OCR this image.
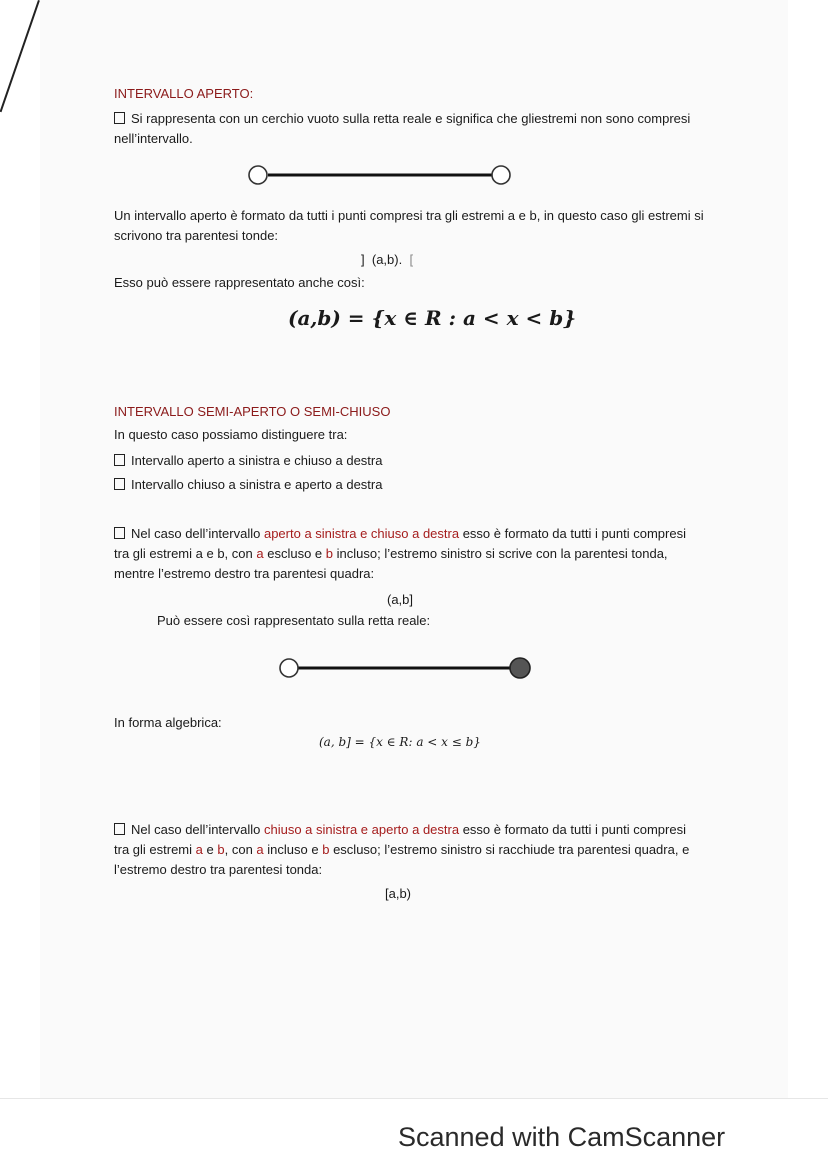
INTERVALLO APERTO:
Si rappresenta con un cerchio vuoto sulla retta reale e significa che gliestremi non sono compresi nell’intervallo.
Un intervallo aperto è formato da tutti i punti compresi tra gli estremi a e b, in questo caso gli estremi si scrivono tra parentesi tonde:
] (a,b). [
Esso può essere rappresentato anche così:
(a,b) = {x ∈ R : a < x < b}
INTERVALLO SEMI-APERTO O SEMI-CHIUSO
In questo caso possiamo distinguere tra:
Intervallo aperto a sinistra e chiuso a destra
Intervallo chiuso a sinistra e aperto a destra
Nel caso dell’intervallo aperto a sinistra e chiuso a destra esso è formato da tutti i punti compresi tra gli estremi a e b, con a escluso e b incluso; l’estremo sinistro si scrive con la parentesi tonda, mentre l’estremo destro tra parentesi quadra:
(a,b]
Può essere così rappresentato sulla retta reale:
In forma algebrica:
(a, b] = {x ∈ R: a < x ≤ b}
Nel caso dell’intervallo chiuso a sinistra e aperto a destra esso è formato da tutti i punti compresi tra gli estremi a e b, con a incluso e b escluso; l’estremo sinistro si racchiude tra parentesi quadra, e l’estremo destro tra parentesi tonda:
[a,b)
Scanned with CamScanner
